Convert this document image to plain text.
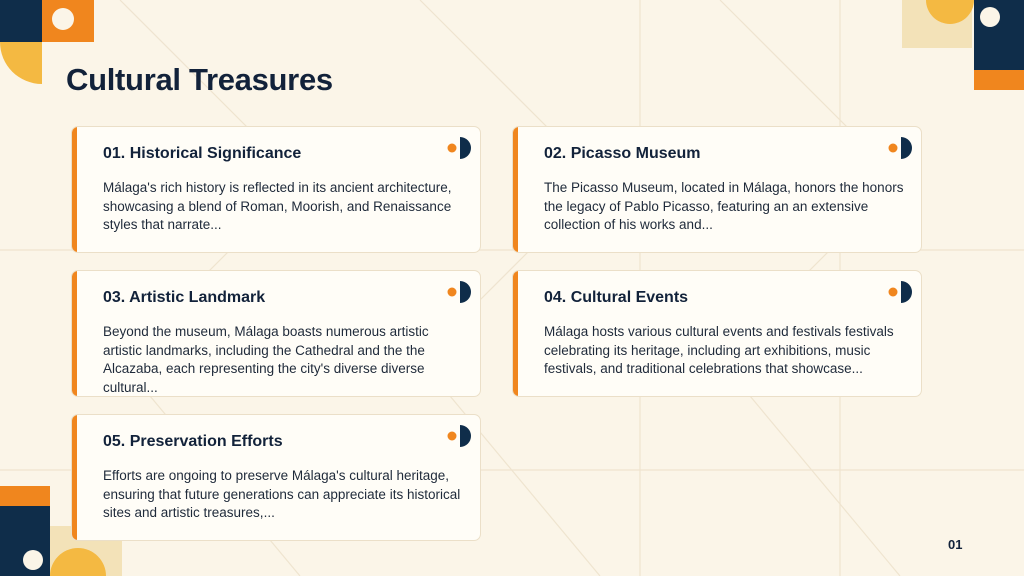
Cultural Treasures
01. Historical Significance
Málaga's rich history is reflected in its ancient architecture, showcasing a blend of Roman, Moorish, and Renaissance styles that narrate...
02. Picasso Museum
The Picasso Museum, located in Málaga, honors the honors the legacy of Pablo Picasso, featuring an an extensive collection of his works and...
03. Artistic Landmark
Beyond the museum, Málaga boasts numerous artistic artistic landmarks, including the Cathedral and the the Alcazaba, each representing the city's diverse diverse cultural...
04. Cultural Events
Málaga hosts various cultural events and festivals festivals celebrating its heritage, including art exhibitions, music festivals, and traditional celebrations that showcase...
05. Preservation Efforts
Efforts are ongoing to preserve Málaga's cultural heritage, ensuring that future generations can appreciate its historical sites and artistic treasures,...
01
